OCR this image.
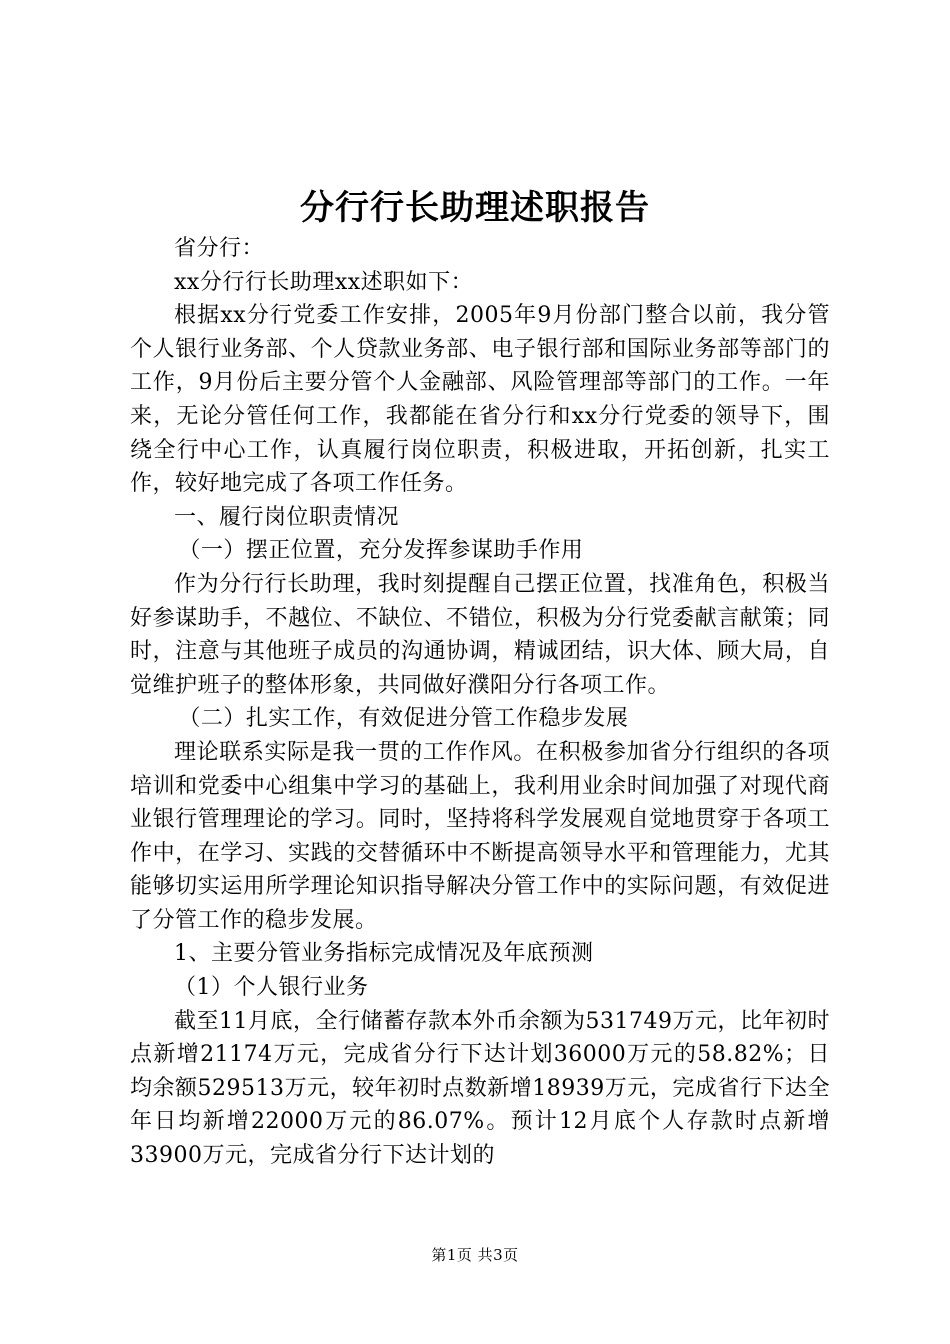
分行行长助理述职报告

省分行：

xx分行行长助理xx述职如下：

根据xx分行党委工作安排，2005年9月份部门整合以前，我分管个人银行业务部、个人贷款业务部、电子银行部和国际业务部等部门的工作，9月份后主要分管个人金融部、风险管理部等部门的工作。一年来，无论分管任何工作，我都能在省分行和xx分行党委的领导下，围绕全行中心工作，认真履行岗位职责，积极进取，开拓创新，扎实工作，较好地完成了各项工作任务。

一、履行岗位职责情况

（一）摆正位置，充分发挥参谋助手作用

作为分行行长助理，我时刻提醒自己摆正位置，找准角色，积极当好参谋助手，不越位、不缺位、不错位，积极为分行党委献言献策；同时，注意与其他班子成员的沟通协调，精诚团结，识大体、顾大局，自觉维护班子的整体形象，共同做好濮阳分行各项工作。

（二）扎实工作，有效促进分管工作稳步发展

理论联系实际是我一贯的工作作风。在积极参加省分行组织的各项培训和党委中心组集中学习的基础上，我利用业余时间加强了对现代商业银行管理理论的学习。同时，坚持将科学发展观自觉地贯穿于各项工作中，在学习、实践的交替循环中不断提高领导水平和管理能力，尤其能够切实运用所学理论知识指导解决分管工作中的实际问题，有效促进了分管工作的稳步发展。

1、主要分管业务指标完成情况及年底预测

（1）个人银行业务

截至11月底，全行储蓄存款本外币余额为531749万元，比年初时点新增21174万元，完成省分行下达计划36000万元的58.82%；日均余额529513万元，较年初时点数新增18939万元，完成省行下达全年日均新增22000万元的86.07%。预计12月底个人存款时点新增33900万元，完成省分行下达计划的

第1页 共3页
